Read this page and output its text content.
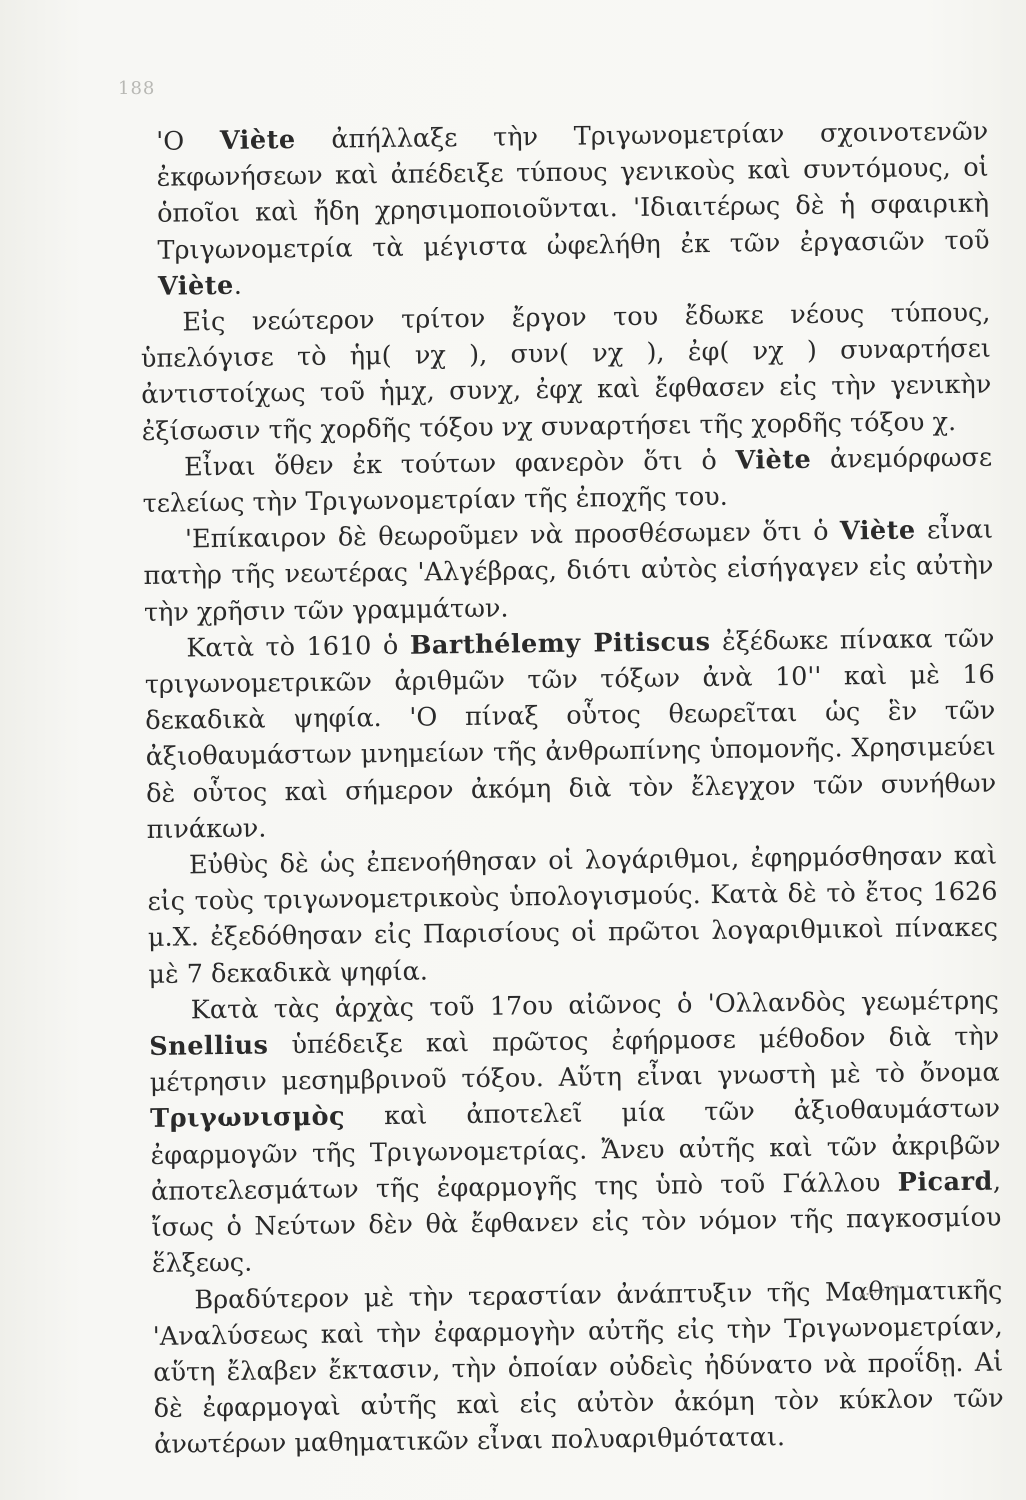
188

'Ο Viète ἀπήλλαξε τὴν Τριγωνομετρίαν σχοινοτενῶν ἐκφωνήσεων καὶ ἀπέδειξε τύπους γενικοὺς καὶ συντόμους, οἱ ὁποῖοι καὶ ἤδη χρησιμοποιοῦνται. 'Ιδιαιτέρως δὲ ἡ σφαιρικὴ Τριγωνομετρία τὰ μέγιστα ὠφελήθη ἐκ τῶν ἐργασιῶν τοῦ Viète.

Εἰς νεώτερον τρίτον ἔργον του ἔδωκε νέους τύπους, ὑπελόγισε τὸ ἡμ( νχ ), συν( νχ ), ἐφ( νχ ) συναρτήσει ἀντιστοίχως τοῦ ἡμχ, συνχ, ἐφχ καὶ ἔφθασεν εἰς τὴν γενικὴν ἐξίσωσιν τῆς χορδῆς τόξου νχ συναρτήσει τῆς χορδῆς τόξου χ.

Εἶναι ὅθεν ἐκ τούτων φανερὸν ὅτι ὁ Viète ἀνεμόρφωσε τελείως τὴν Τριγωνομετρίαν τῆς ἐποχῆς του.

'Επίκαιρον δὲ θεωροῦμεν νὰ προσθέσωμεν ὅτι ὁ Viète εἶναι πατὴρ τῆς νεωτέρας 'Αλγέβρας, διότι αὐτὸς εἰσήγαγεν εἰς αὐτὴν τὴν χρῆσιν τῶν γραμμάτων.

Κατὰ τὸ 1610 ὁ Barthélemy Pitiscus ἐξέδωκε πίνακα τῶν τριγωνομετρικῶν ἀριθμῶν τῶν τόξων ἀνὰ 10'' καὶ μὲ 16 δεκαδικὰ ψηφία. 'Ο πίναξ οὗτος θεωρεῖται ὡς ἓν τῶν ἀξιοθαυμάστων μνημείων τῆς ἀνθρωπίνης ὑπομονῆς. Χρησιμεύει δὲ οὗτος καὶ σήμερον ἀκόμη διὰ τὸν ἔλεγχον τῶν συνήθων πινάκων.

Εὐθὺς δὲ ὡς ἐπενοήθησαν οἱ λογάριθμοι, ἐφηρμόσθησαν καὶ εἰς τοὺς τριγωνομετρικοὺς ὑπολογισμούς. Κατὰ δὲ τὸ ἔτος 1626 μ.Χ. ἐξεδόθησαν εἰς Παρισίους οἱ πρῶτοι λογαριθμικοὶ πίνακες μὲ 7 δεκαδικὰ ψηφία.

Κατὰ τὰς ἀρχὰς τοῦ 17ου αἰῶνος ὁ 'Ολλανδὸς γεωμέτρης Snellius ὑπέδειξε καὶ πρῶτος ἐφήρμοσε μέθοδον διὰ τὴν μέτρησιν μεσημβρινοῦ τόξου. Αὕτη εἶναι γνωστὴ μὲ τὸ ὄνομα Τριγωνισμὸς καὶ ἀποτελεῖ μία τῶν ἀξιοθαυμάστων ἐφαρμογῶν τῆς Τριγωνομετρίας. Ἄνευ αὐτῆς καὶ τῶν ἀκριβῶν ἀποτελεσμάτων τῆς ἐφαρμογῆς της ὑπὸ τοῦ Γάλλου Picard, ἴσως ὁ Νεύτων δὲν θὰ ἔφθανεν εἰς τὸν νόμον τῆς παγκοσμίου ἕλξεως.

Βραδύτερον μὲ τὴν τεραστίαν ἀνάπτυξιν τῆς Μαθηματικῆς 'Αναλύσεως καὶ τὴν ἐφαρμογὴν αὐτῆς εἰς τὴν Τριγωνομετρίαν, αὕτη ἔλαβεν ἔκτασιν, τὴν ὁποίαν οὐδεὶς ἠδύνατο νὰ προΐδῃ. Αἱ δὲ ἐφαρμογαὶ αὐτῆς καὶ εἰς αὐτὸν ἀκόμη τὸν κύκλον τῶν ἀνωτέρων μαθηματικῶν εἶναι πολυαριθμόταται.
